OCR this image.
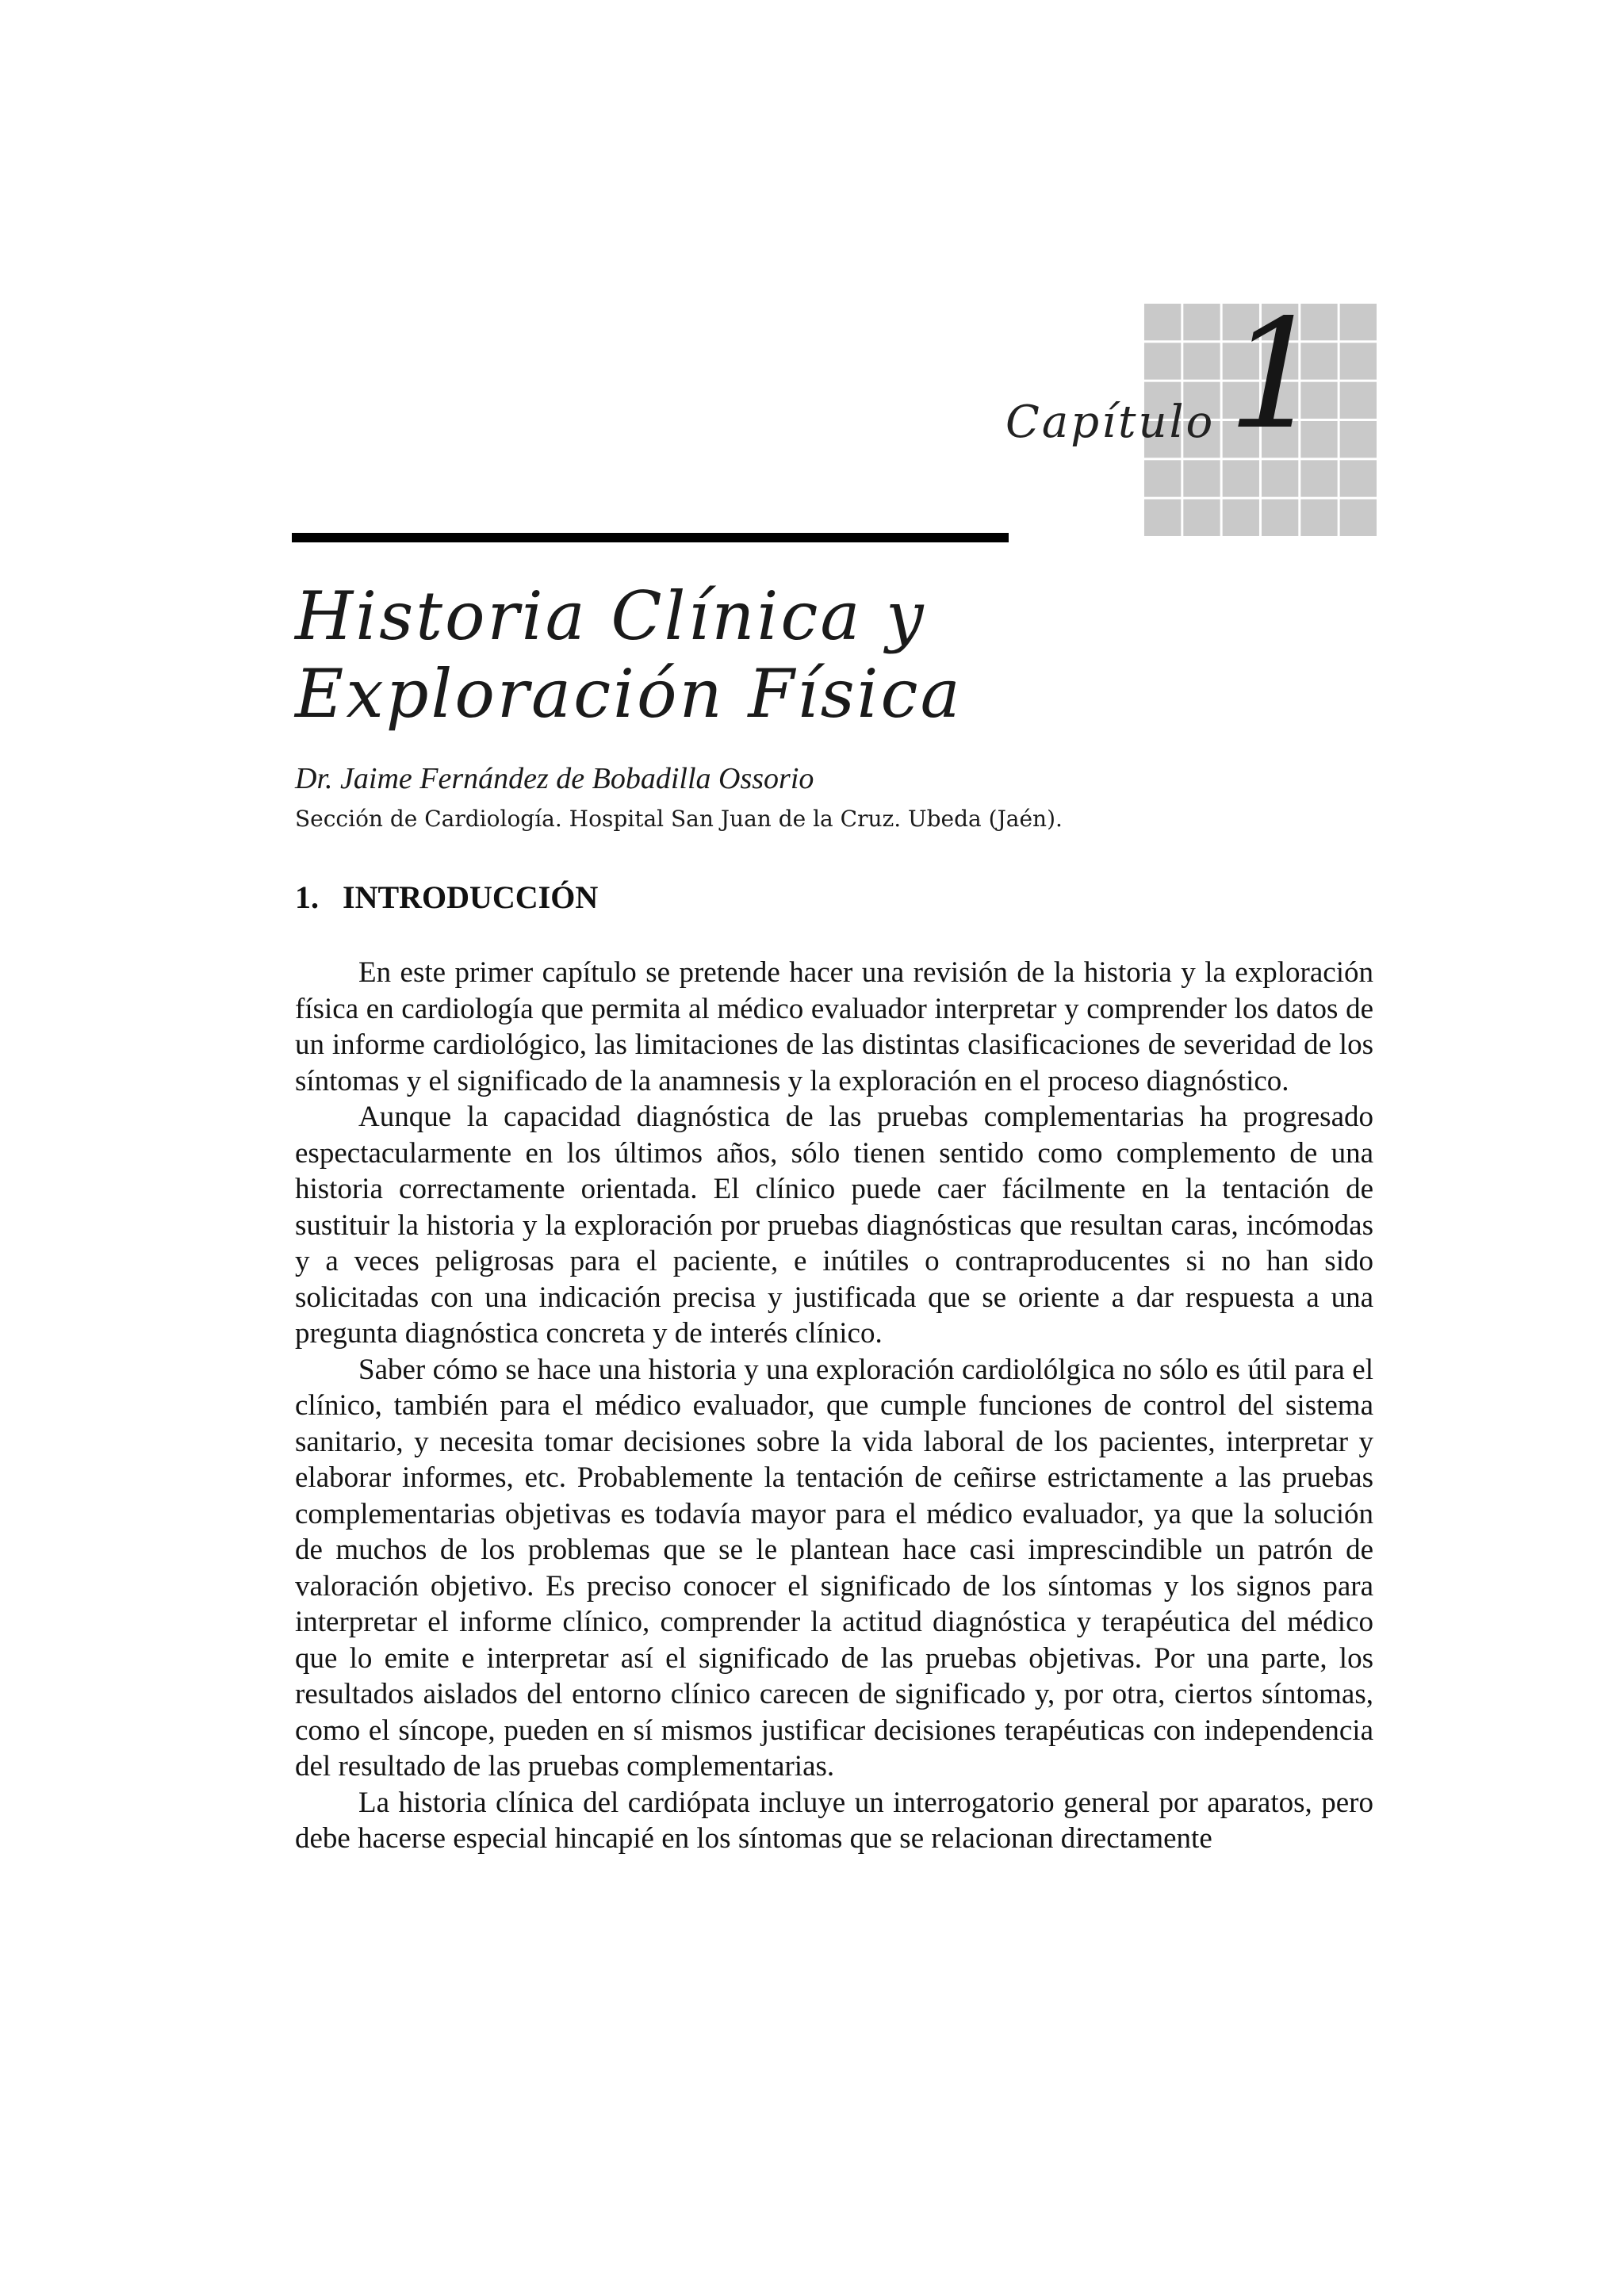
Capítulo 1
Historia Clínica y Exploración Física
Dr. Jaime Fernández de Bobadilla Ossorio
Sección de Cardiología. Hospital San Juan de la Cruz. Ubeda (Jaén).
1. INTRODUCCIÓN

En este primer capítulo se pretende hacer una revisión de la historia y la exploración física en cardiología que permita al médico evaluador interpretar y comprender los datos de un informe cardiológico, las limitaciones de las distintas clasificaciones de severidad de los síntomas y el significado de la anamnesis y la exploración en el proceso diagnóstico.

Aunque la capacidad diagnóstica de las pruebas complementarias ha progresado espectacularmente en los últimos años, sólo tienen sentido como complemento de una historia correctamente orientada. El clínico puede caer fácilmente en la tentación de sustituir la historia y la exploración por pruebas diagnósticas que resultan caras, incómodas y a veces peligrosas para el paciente, e inútiles o contraproducentes si no han sido solicitadas con una indicación precisa y justificada que se oriente a dar respuesta a una pregunta diagnóstica concreta y de interés clínico.

Saber cómo se hace una historia y una exploración cardiolólgica no sólo es útil para el clínico, también para el médico evaluador, que cumple funciones de control del sistema sanitario, y necesita tomar decisiones sobre la vida laboral de los pacientes, interpretar y elaborar informes, etc. Probablemente la tentación de ceñirse estrictamente a las pruebas complementarias objetivas es todavía mayor para el médico evaluador, ya que la solución de muchos de los problemas que se le plantean hace casi imprescindible un patrón de valoración objetivo. Es preciso conocer el significado de los síntomas y los signos para interpretar el informe clínico, comprender la actitud diagnóstica y terapéutica del médico que lo emite e interpretar así el significado de las pruebas objetivas. Por una parte, los resultados aislados del entorno clínico carecen de significado y, por otra, ciertos síntomas, como el síncope, pueden en sí mismos justificar decisiones terapéuticas con independencia del resultado de las pruebas complementarias.

La historia clínica del cardiópata incluye un interrogatorio general por aparatos, pero debe hacerse especial hincapié en los síntomas que se relacionan directamente
